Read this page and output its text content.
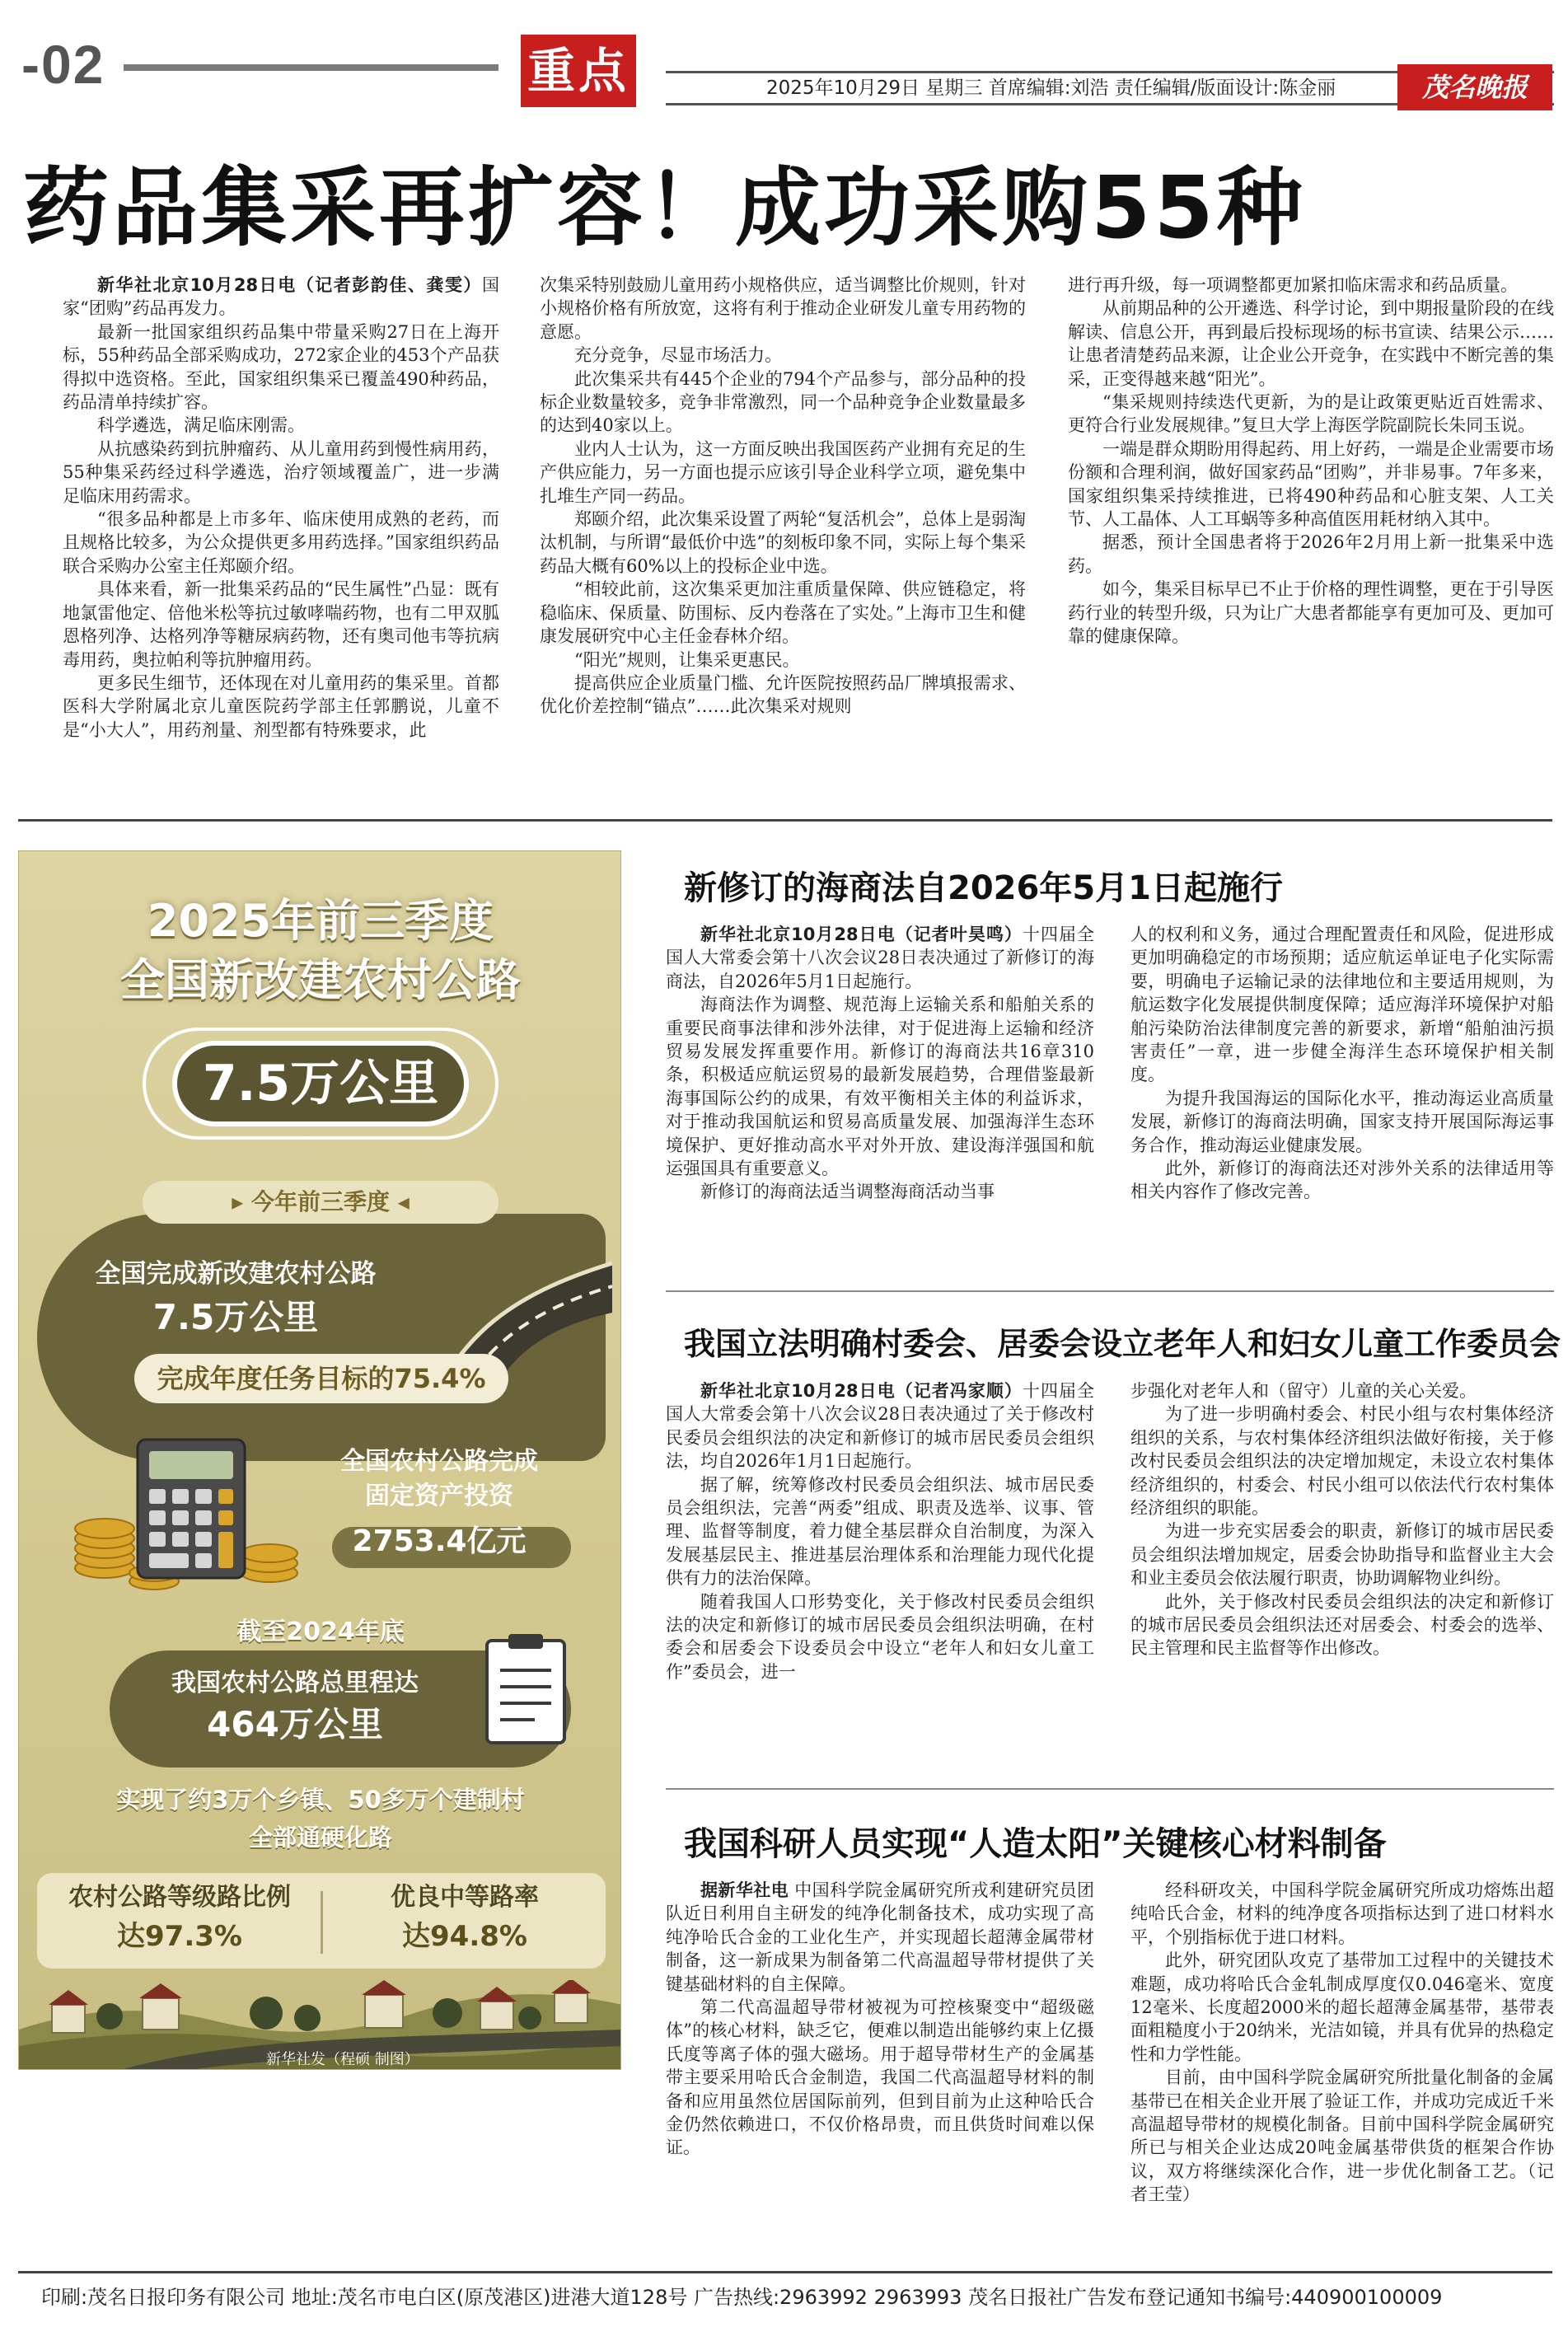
-02	重点	2025年10月29日 星期三 首席编辑:刘浩 责任编辑/版面设计:陈金丽	茂名晚报
药品集采再扩容！成功采购55种

新华社北京10月28日电（记者彭韵佳、龚雯）国家“团购”药品再发力。

最新一批国家组织药品集中带量采购27日在上海开标，55种药品全部采购成功，272家企业的453个产品获得拟中选资格。至此，国家组织集采已覆盖490种药品，药品清单持续扩容。

科学遴选，满足临床刚需。

从抗感染药到抗肿瘤药、从儿童用药到慢性病用药，55种集采药经过科学遴选，治疗领域覆盖广，进一步满足临床用药需求。

“很多品种都是上市多年、临床使用成熟的老药，而且规格比较多，为公众提供更多用药选择。”国家组织药品联合采购办公室主任郑颐介绍。

具体来看，新一批集采药品的“民生属性”凸显：既有地氯雷他定、倍他米松等抗过敏哮喘药物，也有二甲双胍恩格列净、达格列净等糖尿病药物，还有奥司他韦等抗病毒用药，奥拉帕利等抗肿瘤用药。

更多民生细节，还体现在对儿童用药的集采里。首都医科大学附属北京儿童医院药学部主任郭鹏说，儿童不是“小大人”，用药剂量、剂型都有特殊要求，此

次集采特别鼓励儿童用药小规格供应，适当调整比价规则，针对小规格价格有所放宽，这将有利于推动企业研发儿童专用药物的意愿。

充分竞争，尽显市场活力。

此次集采共有445个企业的794个产品参与，部分品种的投标企业数量较多，竞争非常激烈，同一个品种竞争企业数量最多的达到40家以上。

业内人士认为，这一方面反映出我国医药产业拥有充足的生产供应能力，另一方面也提示应该引导企业科学立项，避免集中扎堆生产同一药品。

郑颐介绍，此次集采设置了两轮“复活机会”，总体上是弱淘汰机制，与所谓“最低价中选”的刻板印象不同，实际上每个集采药品大概有60%以上的投标企业中选。

“相较此前，这次集采更加注重质量保障、供应链稳定，将稳临床、保质量、防围标、反内卷落在了实处。”上海市卫生和健康发展研究中心主任金春林介绍。

“阳光”规则，让集采更惠民。

提高供应企业质量门槛、允许医院按照药品厂牌填报需求、优化价差控制“锚点”……此次集采对规则

进行再升级，每一项调整都更加紧扣临床需求和药品质量。

从前期品种的公开遴选、科学讨论，到中期报量阶段的在线解读、信息公开，再到最后投标现场的标书宣读、结果公示……让患者清楚药品来源，让企业公开竞争，在实践中不断完善的集采，正变得越来越“阳光”。

“集采规则持续迭代更新，为的是让政策更贴近百姓需求、更符合行业发展规律。”复旦大学上海医学院副院长朱同玉说。

一端是群众期盼用得起药、用上好药，一端是企业需要市场份额和合理利润，做好国家药品“团购”，并非易事。7年多来，国家组织集采持续推进，已将490种药品和心脏支架、人工关节、人工晶体、人工耳蜗等多种高值医用耗材纳入其中。

据悉，预计全国患者将于2026年2月用上新一批集采中选药。

如今，集采目标早已不止于价格的理性调整，更在于引导医药行业的转型升级，只为让广大患者都能享有更加可及、更加可靠的健康保障。

2025年前三季度
全国新改建农村公路
7.5万公里
▸ 今年前三季度 ◂
全国完成新改建农村公路
7.5万公里
完成年度任务目标的75.4%
全国农村公路完成
固定资产投资
2753.4亿元
截至2024年底
我国农村公路总里程达
464万公里
实现了约3万个乡镇、50多万个建制村
全部通硬化路
农村公路等级路比例
达97.3%
优良中等路率
达94.8%
新华社发（程硕 制图）
新修订的海商法自2026年5月1日起施行

新华社北京10月28日电（记者叶昊鸣）十四届全国人大常委会第十八次会议28日表决通过了新修订的海商法，自2026年5月1日起施行。

海商法作为调整、规范海上运输关系和船舶关系的重要民商事法律和涉外法律，对于促进海上运输和经济贸易发展发挥重要作用。新修订的海商法共16章310条，积极适应航运贸易的最新发展趋势，合理借鉴最新海事国际公约的成果，有效平衡相关主体的利益诉求，对于推动我国航运和贸易高质量发展、加强海洋生态环境保护、更好推动高水平对外开放、建设海洋强国和航运强国具有重要意义。

新修订的海商法适当调整海商活动当事

人的权利和义务，通过合理配置责任和风险，促进形成更加明确稳定的市场预期；适应航运单证电子化实际需要，明确电子运输记录的法律地位和主要适用规则，为航运数字化发展提供制度保障；适应海洋环境保护对船舶污染防治法律制度完善的新要求，新增“船舶油污损害责任”一章，进一步健全海洋生态环境保护相关制度。

为提升我国海运的国际化水平，推动海运业高质量发展，新修订的海商法明确，国家支持开展国际海运事务合作，推动海运业健康发展。

此外，新修订的海商法还对涉外关系的法律适用等相关内容作了修改完善。

我国立法明确村委会、居委会设立老年人和妇女儿童工作委员会

新华社北京10月28日电（记者冯家顺）十四届全国人大常委会第十八次会议28日表决通过了关于修改村民委员会组织法的决定和新修订的城市居民委员会组织法，均自2026年1月1日起施行。

据了解，统筹修改村民委员会组织法、城市居民委员会组织法，完善“两委”组成、职责及选举、议事、管理、监督等制度，着力健全基层群众自治制度，为深入发展基层民主、推进基层治理体系和治理能力现代化提供有力的法治保障。

随着我国人口形势变化，关于修改村民委员会组织法的决定和新修订的城市居民委员会组织法明确，在村委会和居委会下设委员会中设立“老年人和妇女儿童工作”委员会，进一

步强化对老年人和（留守）儿童的关心关爱。

为了进一步明确村委会、村民小组与农村集体经济组织的关系，与农村集体经济组织法做好衔接，关于修改村民委员会组织法的决定增加规定，未设立农村集体经济组织的，村委会、村民小组可以依法代行农村集体经济组织的职能。

为进一步充实居委会的职责，新修订的城市居民委员会组织法增加规定，居委会协助指导和监督业主大会和业主委员会依法履行职责，协助调解物业纠纷。

此外，关于修改村民委员会组织法的决定和新修订的城市居民委员会组织法还对居委会、村委会的选举、民主管理和民主监督等作出修改。

我国科研人员实现“人造太阳”关键核心材料制备

据新华社电 中国科学院金属研究所戎利建研究员团队近日利用自主研发的纯净化制备技术，成功实现了高纯净哈氏合金的工业化生产，并实现超长超薄金属带材制备，这一新成果为制备第二代高温超导带材提供了关键基础材料的自主保障。

第二代高温超导带材被视为可控核聚变中“超级磁体”的核心材料，缺乏它，便难以制造出能够约束上亿摄氏度等离子体的强大磁场。用于超导带材生产的金属基带主要采用哈氏合金制造，我国二代高温超导材料的制备和应用虽然位居国际前列，但到目前为止这种哈氏合金仍然依赖进口，不仅价格昂贵，而且供货时间难以保证。

经科研攻关，中国科学院金属研究所成功熔炼出超纯哈氏合金，材料的纯净度各项指标达到了进口材料水平，个别指标优于进口材料。

此外，研究团队攻克了基带加工过程中的关键技术难题，成功将哈氏合金轧制成厚度仅0.046毫米、宽度12毫米、长度超2000米的超长超薄金属基带，基带表面粗糙度小于20纳米，光洁如镜，并具有优异的热稳定性和力学性能。

目前，由中国科学院金属研究所批量化制备的金属基带已在相关企业开展了验证工作，并成功完成近千米高温超导带材的规模化制备。目前中国科学院金属研究所已与相关企业达成20吨金属基带供货的框架合作协议，双方将继续深化合作，进一步优化制备工艺。（记者王莹）

印刷:茂名日报印务有限公司 地址:茂名市电白区(原茂港区)进港大道128号 广告热线:2963992 2963993 茂名日报社广告发布登记通知书编号:440900100009
